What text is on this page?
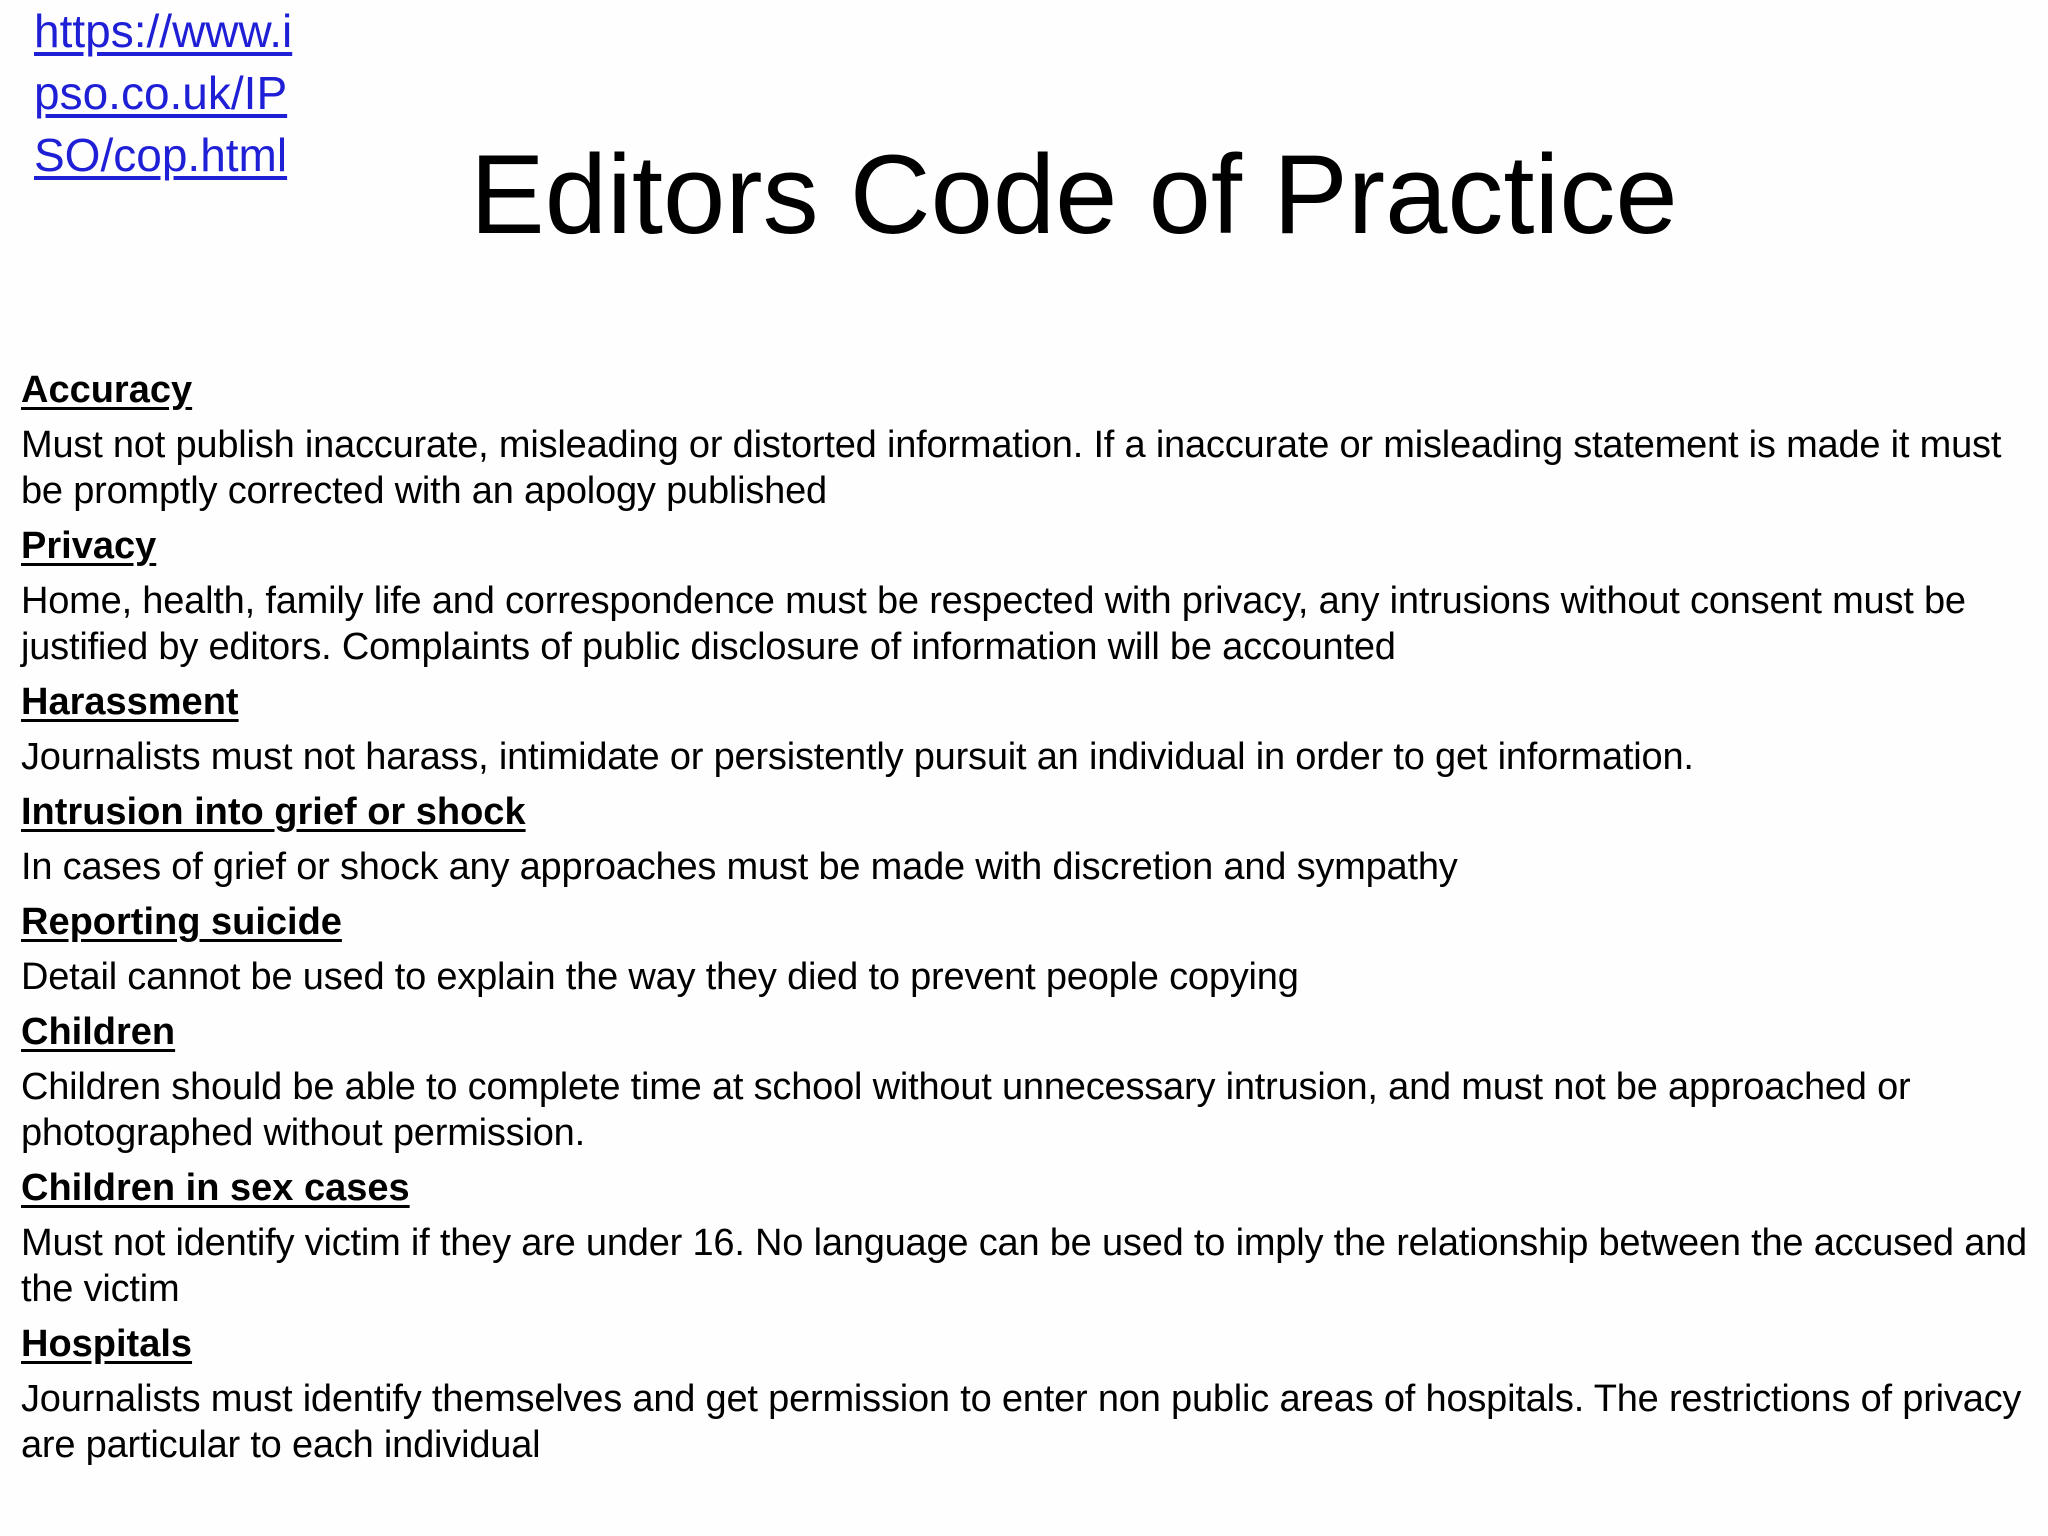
https://www.ipso.co.uk/IPSO/cop.html Editors Code of Practice
Accuracy
Must not publish inaccurate, misleading or distorted information. If a inaccurate or misleading statement is made it must be promptly corrected with an apology published
Privacy
Home, health, family life and correspondence must be respected with privacy, any intrusions without consent must be justified by editors. Complaints of public disclosure of information will be accounted
Harassment
Journalists must not harass, intimidate or persistently pursuit an individual in order to get information.
Intrusion into grief or shock
In cases of grief or shock any approaches must be made with discretion and sympathy
Reporting suicide
Detail cannot be used to explain the way they died to prevent people copying
Children
Children should be able to complete time at school without unnecessary intrusion, and must not be approached or photographed without permission.
Children in sex cases
Must not identify victim if they are under 16. No language can be used to imply the relationship between the accused and the victim
Hospitals
Journalists must identify themselves and get permission to enter non public areas of hospitals. The restrictions of privacy are particular to each individual
